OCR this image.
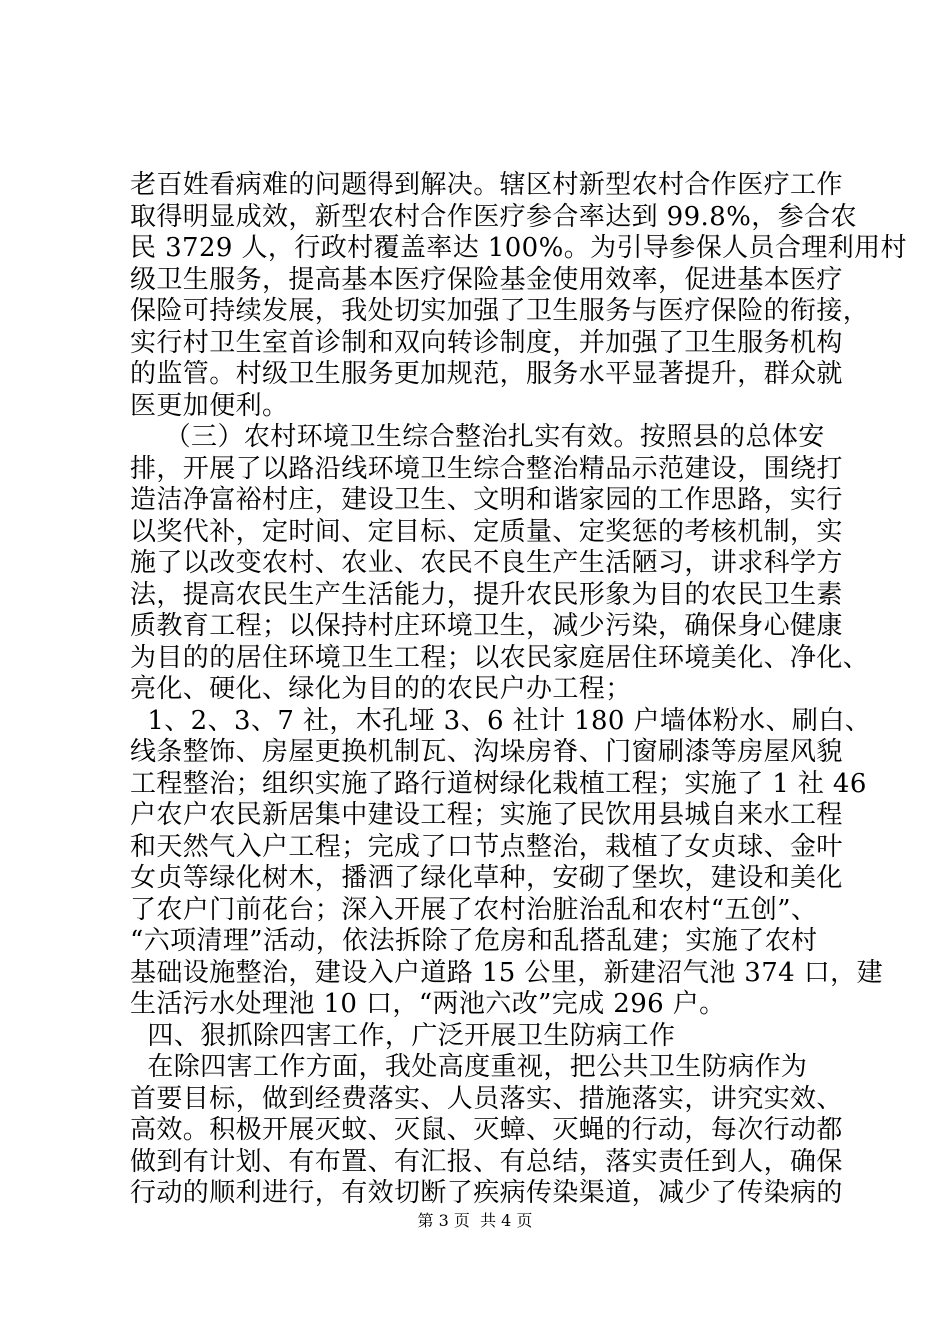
老百姓看病难的问题得到解决。辖区村新型农村合作医疗工作
取得明显成效，新型农村合作医疗参合率达到 99.8%，参合农
民 3729 人，行政村覆盖率达 100%。为引导参保人员合理利用村
级卫生服务，提高基本医疗保险基金使用效率，促进基本医疗
保险可持续发展，我处切实加强了卫生服务与医疗保险的衔接，
实行村卫生室首诊制和双向转诊制度，并加强了卫生服务机构
的监管。村级卫生服务更加规范，服务水平显著提升，群众就
医更加便利。
（三）农村环境卫生综合整治扎实有效。按照县的总体安
排，开展了以路沿线环境卫生综合整治精品示范建设，围绕打
造洁净富裕村庄，建设卫生、文明和谐家园的工作思路，实行
以奖代补，定时间、定目标、定质量、定奖惩的考核机制，实
施了以改变农村、农业、农民不良生产生活陋习，讲求科学方
法，提高农民生产生活能力，提升农民形象为目的农民卫生素
质教育工程；以保持村庄环境卫生，减少污染，确保身心健康
为目的的居住环境卫生工程；以农民家庭居住环境美化、净化、
亮化、硬化、绿化为目的的农民户办工程；
1、2、3、7 社，木孔垭 3、6 社计 180 户墙体粉水、刷白、
线条整饰、房屋更换机制瓦、沟垛房脊、门窗刷漆等房屋风貌
工程整治；组织实施了路行道树绿化栽植工程；实施了 1 社 46
户农户农民新居集中建设工程；实施了民饮用县城自来水工程
和天然气入户工程；完成了口节点整治，栽植了女贞球、金叶
女贞等绿化树木，播洒了绿化草种，安砌了堡坎，建设和美化
了农户门前花台；深入开展了农村治脏治乱和农村“五创”、
“六项清理”活动，依法拆除了危房和乱搭乱建；实施了农村
基础设施整治，建设入户道路 15 公里，新建沼气池 374 口，建
生活污水处理池 10 口，“两池六改”完成 296 户。
四、狠抓除四害工作，广泛开展卫生防病工作
在除四害工作方面，我处高度重视，把公共卫生防病作为
首要目标，做到经费落实、人员落实、措施落实，讲究实效、
高效。积极开展灭蚊、灭鼠、灭蟑、灭蝇的行动，每次行动都
做到有计划、有布置、有汇报、有总结，落实责任到人，确保
行动的顺利进行，有效切断了疾病传染渠道，减少了传染病的
第 3 页  共 4 页
